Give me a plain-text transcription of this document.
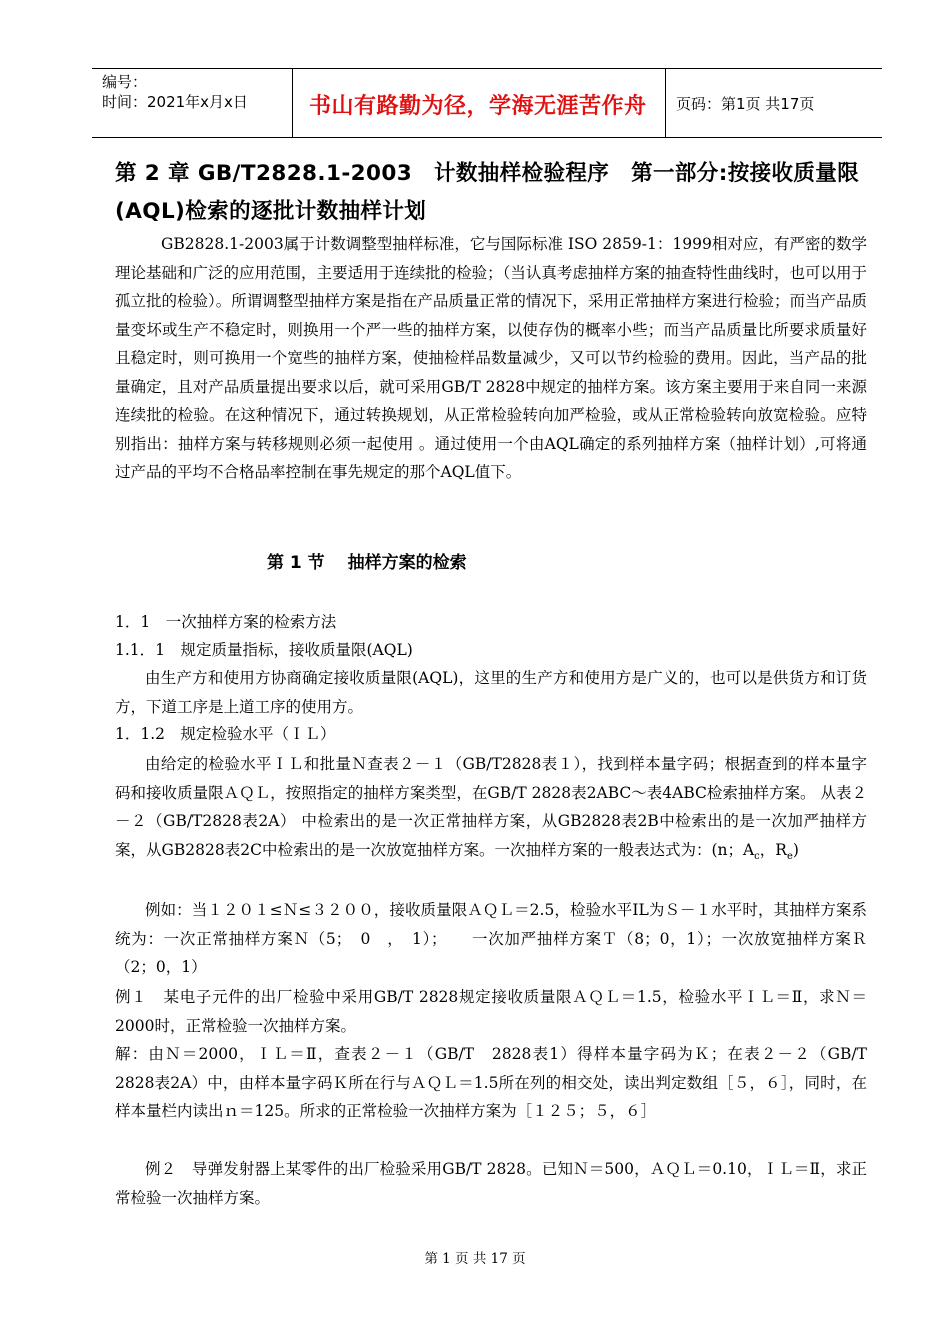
编号：
时间：2021年x月x日	书山有路勤为径，学海无涯苦作舟 页码：第1页 共17页
第 2 章 GB/T2828.1-2003　计数抽样检验程序　第一部分:按接收质量限(AQL)检索的逐批计数抽样计划
GB2828.1-2003属于计数调整型抽样标准，它与国际标准 ISO 2859-1：1999相对应，有严密的数学理论基础和广泛的应用范围，主要适用于连续批的检验；（当认真考虑抽样方案的抽查特性曲线时，也可以用于孤立批的检验）。所谓调整型抽样方案是指在产品质量正常的情况下，采用正常抽样方案进行检验；而当产品质量变坏或生产不稳定时，则换用一个严一些的抽样方案，以使存伪的概率小些；而当产品质量比所要求质量好且稳定时，则可换用一个宽些的抽样方案，使抽检样品数量减少，又可以节约检验的费用。因此，当产品的批量确定，且对产品质量提出要求以后，就可采用GB/T 2828中规定的抽样方案。该方案主要用于来自同一来源连续批的检验。在这种情况下，通过转换规划，从正常检验转向加严检验，或从正常检验转向放宽检验。应特别指出：抽样方案与转移规则必须一起使用 。通过使用一个由AQL确定的系列抽样方案（抽样计划）,可将通过产品的平均不合格品率控制在事先规定的那个AQL值下。
第 1 节　 抽样方案的检索
1．1　一次抽样方案的检索方法
1.1．1　规定质量指标，接收质量限(AQL)
由生产方和使用方协商确定接收质量限(AQL)，这里的生产方和使用方是广义的，也可以是供货方和订货方，下道工序是上道工序的使用方。
1．1.2　规定检验水平（ＩＬ）
由给定的检验水平ＩＬ和批量Ｎ查表２－１（GB/T2828表１），找到样本量字码；根据查到的样本量字码和接收质量限ＡＱＬ，按照指定的抽样方案类型，在GB/T 2828表2ABC～表4ABC检索抽样方案。 从表２－２（GB/T2828表2A） 中检索出的是一次正常抽样方案，从GB2828表2B中检索出的是一次加严抽样方案，从GB2828表2C中检索出的是一次放宽抽样方案。一次抽样方案的一般表达式为：(n；$A_c$，$R_e$)
例如：当１２０１≤Ｎ≤３２００，接收质量限ＡＱＬ＝2.5，检验水平IL为Ｓ－１水平时，其抽样方案系统为：一次正常抽样方案Ｎ（5；　0　，　1）；　　一次加严抽样方案Ｔ（8；0，1）；一次放宽抽样方案Ｒ（2；0，1）
例１　某电子元件的出厂检验中采用GB/T 2828规定接收质量限ＡＱＬ＝1.5，检验水平ＩＬ＝Ⅱ，求Ｎ＝2000时，正常检验一次抽样方案。
解：由Ｎ＝2000，ＩＬ＝Ⅱ，查表２－１（GB/T　2828表1）得样本量字码为Ｋ；在表２－２（GB/T　2828表2A）中，由样本量字码Ｋ所在行与ＡＱＬ＝1.5所在列的相交处，读出判定数组［５，６］，同时，在样本量栏内读出ｎ＝125。所求的正常检验一次抽样方案为［１２５；５，６］
例２　导弹发射器上某零件的出厂检验采用GB/T 2828。已知Ｎ＝500，ＡＱＬ＝0.10，ＩＬ＝Ⅱ，求正常检验一次抽样方案。
第 1 页 共 17 页
